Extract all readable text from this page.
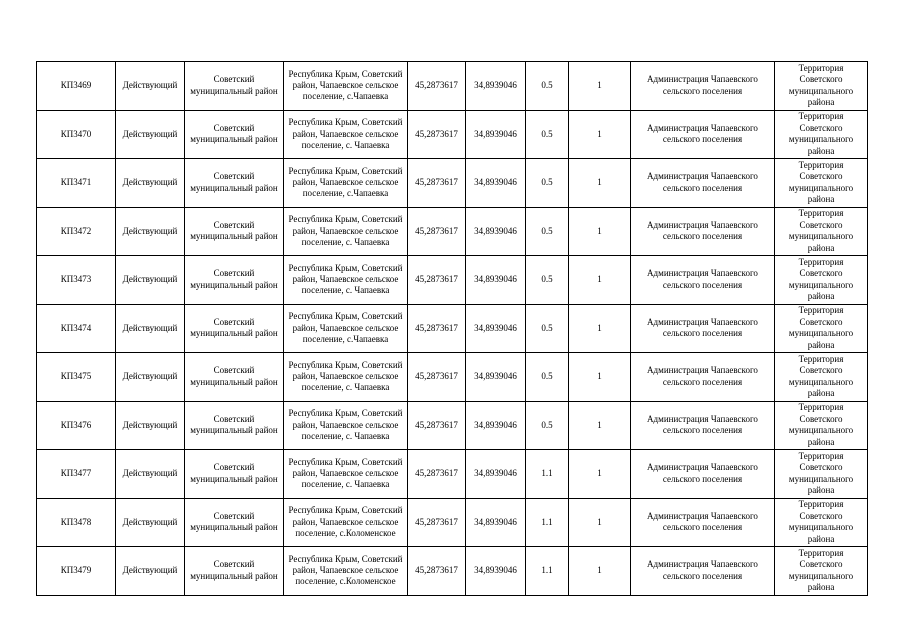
КП3469	Действующий	Советский муниципальный район	Республика Крым, Советский район, Чапаевское сельское поселение, с.Чапаевка	45,2873617	34,8939046	0.5	1	Администрация Чапаевского сельского поселения	Территория Советского муниципального района
КП3470	Действующий	Советский муниципальный район	Республика Крым, Советский район, Чапаевское сельское поселение, с. Чапаевка	45,2873617	34,8939046	0.5	1	Администрация Чапаевского сельского поселения	Территория Советского муниципального района
КП3471	Действующий	Советский муниципальный район	Республика Крым, Советский район, Чапаевское сельское поселение, с.Чапаевка	45,2873617	34,8939046	0.5	1	Администрация Чапаевского сельского поселения	Территория Советского муниципального района
КП3472	Действующий	Советский муниципальный район	Республика Крым, Советский район, Чапаевское сельское поселение, с. Чапаевка	45,2873617	34,8939046	0.5	1	Администрация Чапаевского сельского поселения	Территория Советского муниципального района
КП3473	Действующий	Советский муниципальный район	Республика Крым, Советский район, Чапаевское сельское поселение, с. Чапаевка	45,2873617	34,8939046	0.5	1	Администрация Чапаевского сельского поселения	Территория Советского муниципального района
КП3474	Действующий	Советский муниципальный район	Республика Крым, Советский район, Чапаевское сельское поселение, с.Чапаевка	45,2873617	34,8939046	0.5	1	Администрация Чапаевского сельского поселения	Территория Советского муниципального района
КП3475	Действующий	Советский муниципальный район	Республика Крым, Советский район, Чапаевское сельское поселение, с. Чапаевка	45,2873617	34,8939046	0.5	1	Администрация Чапаевского сельского поселения	Территория Советского муниципального района
КП3476	Действующий	Советский муниципальный район	Республика Крым, Советский район, Чапаевское сельское поселение, с. Чапаевка	45,2873617	34,8939046	0.5	1	Администрация Чапаевского сельского поселения	Территория Советского муниципального района
КП3477	Действующий	Советский муниципальный район	Республика Крым, Советский район, Чапаевское сельское поселение, с. Чапаевка	45,2873617	34,8939046	1.1	1	Администрация Чапаевского сельского поселения	Территория Советского муниципального района
КП3478	Действующий	Советский муниципальный район	Республика Крым, Советский район, Чапаевское сельское поселение, с.Коломенское	45,2873617	34,8939046	1.1	1	Администрация Чапаевского сельского поселения	Территория Советского муниципального района
КП3479	Действующий	Советский муниципальный район	Республика Крым, Советский район, Чапаевское сельское поселение, с.Коломенское	45,2873617	34,8939046	1.1	1	Администрация Чапаевского сельского поселения	Территория Советского муниципального района
